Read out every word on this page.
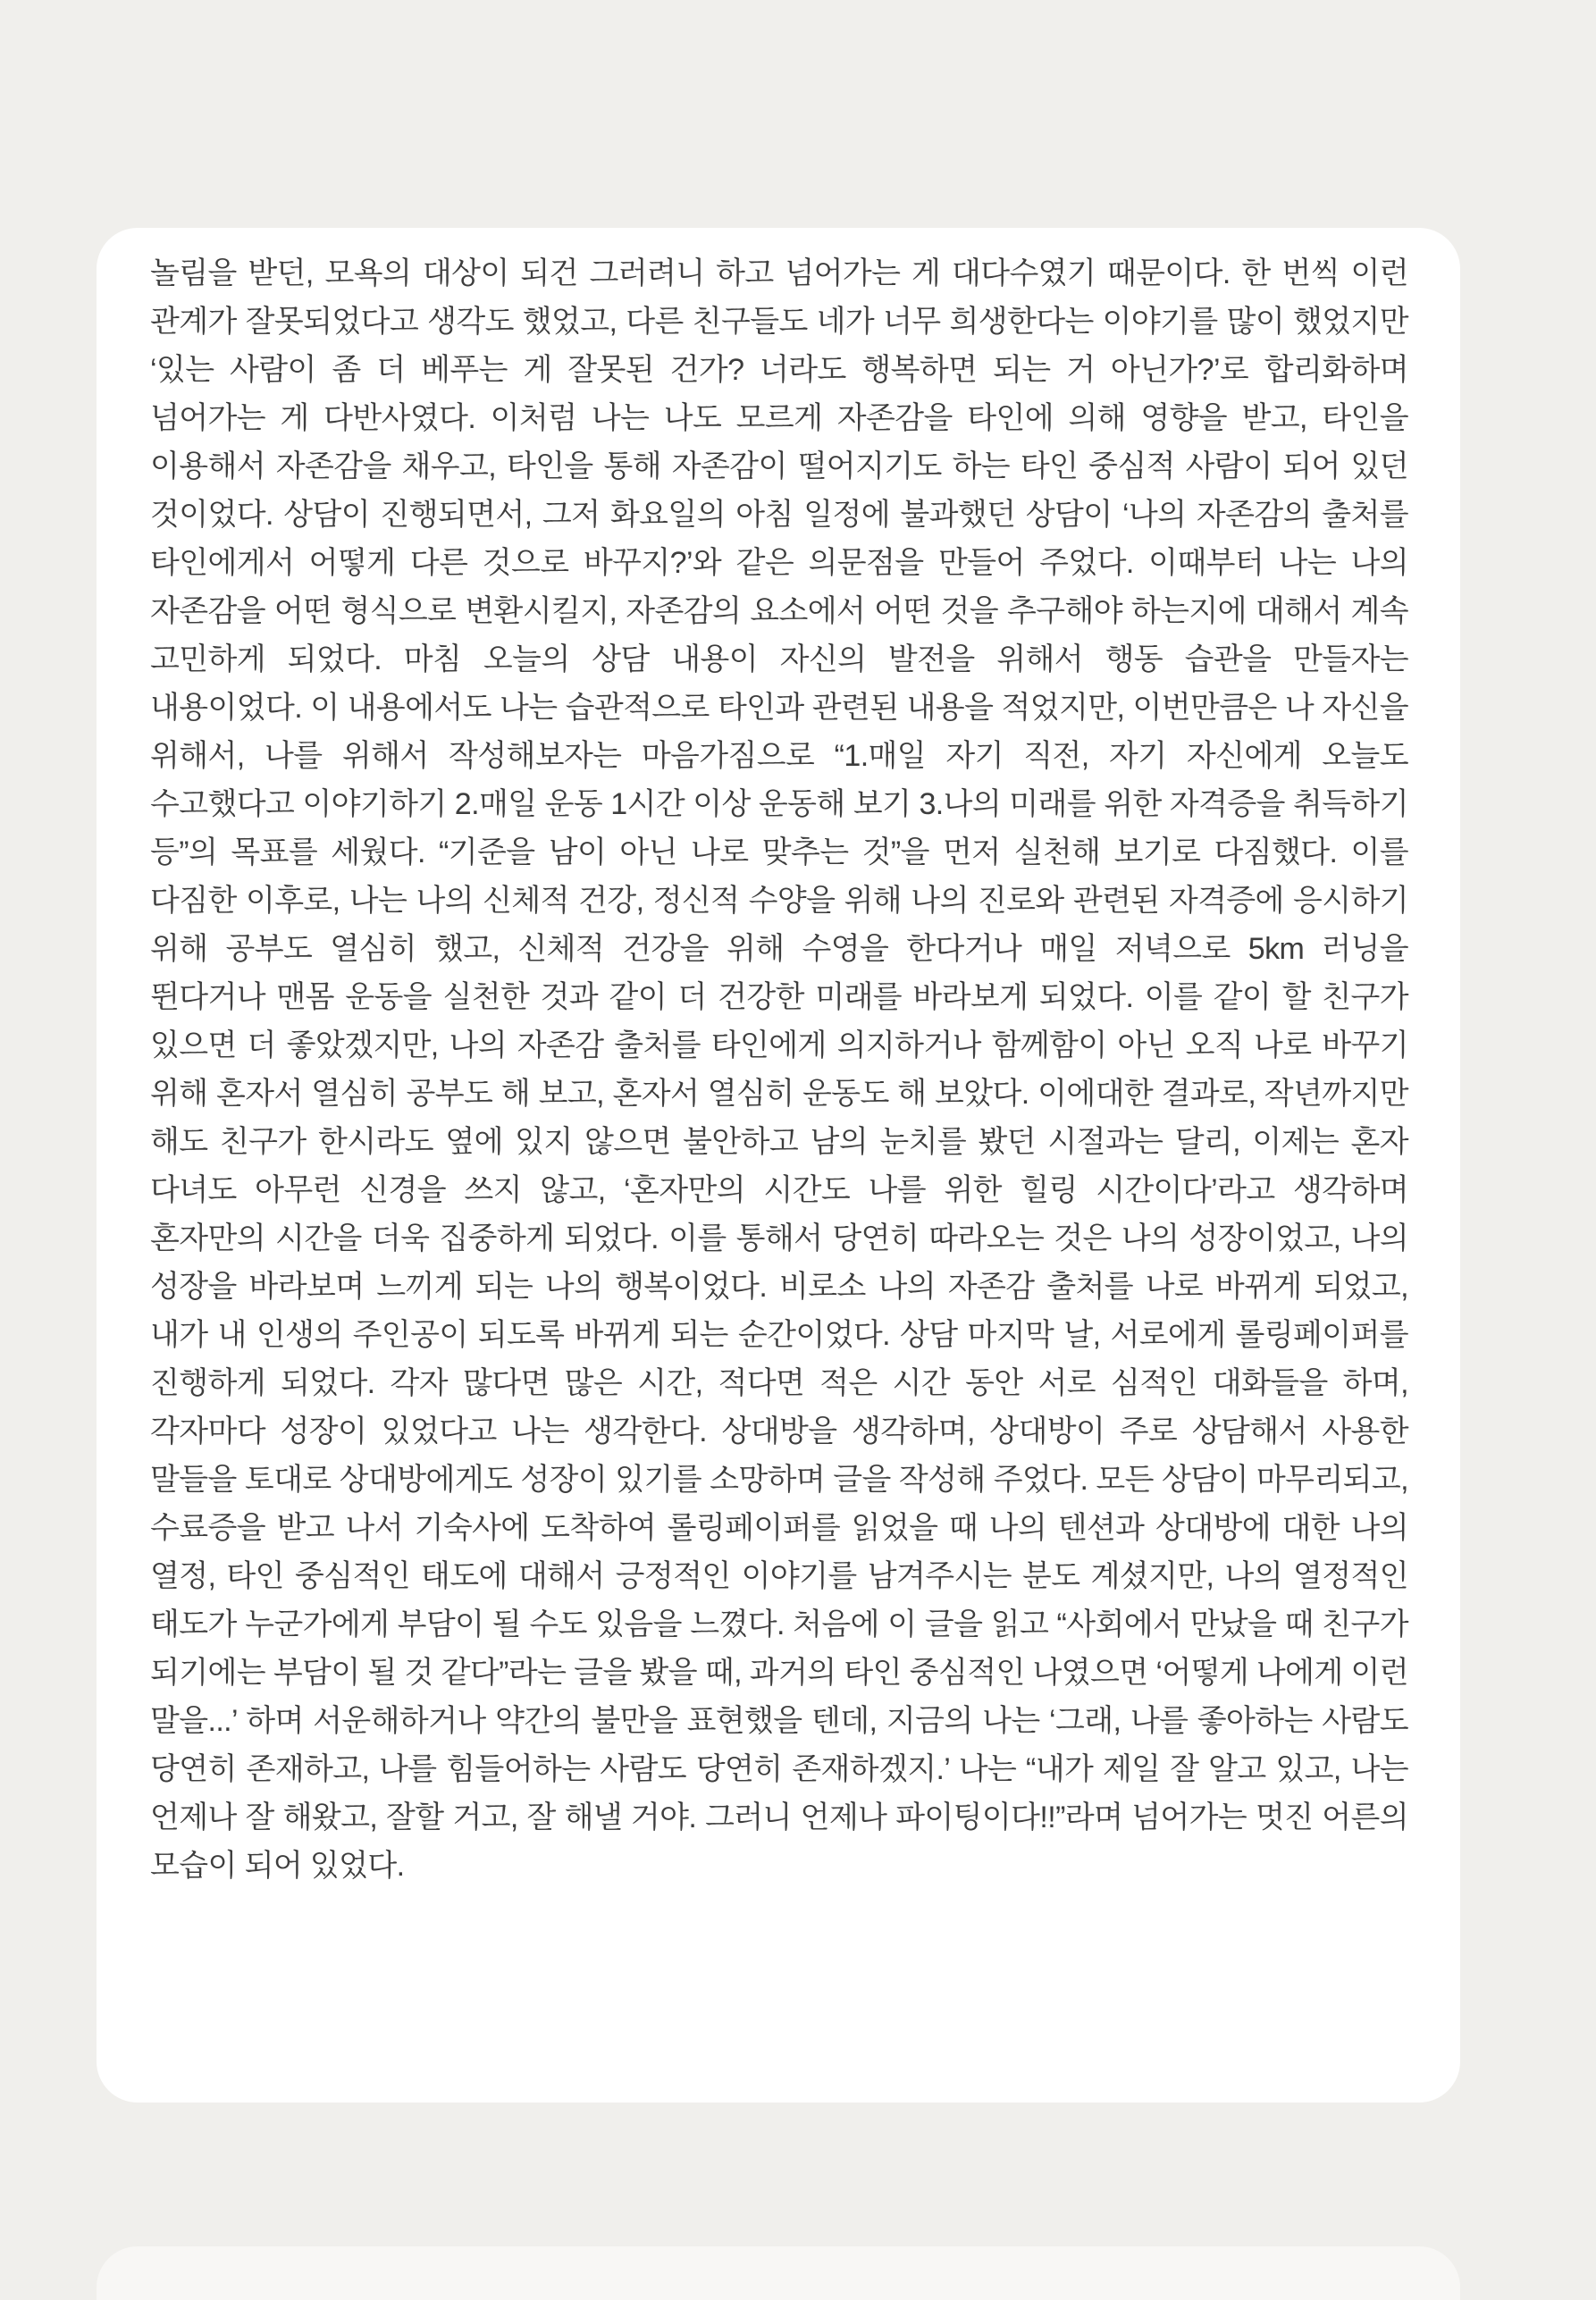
놀림을 받던, 모욕의 대상이 되건 그러려니 하고 넘어가는 게 대다수였기 때문이다. 한 번씩 이런 관계가 잘못되었다고 생각도 했었고, 다른 친구들도 네가 너무 희생한다는 이야기를 많이 했었지만 ‘있는 사람이 좀 더 베푸는 게 잘못된 건가? 너라도 행복하면 되는 거 아닌가?’로 합리화하며 넘어가는 게 다반사였다. 이처럼 나는 나도 모르게 자존감을 타인에 의해 영향을 받고, 타인을 이용해서 자존감을 채우고, 타인을 통해 자존감이 떨어지기도 하는 타인 중심적 사람이 되어 있던 것이었다. 상담이 진행되면서, 그저 화요일의 아침 일정에 불과했던 상담이 ‘나의 자존감의 출처를 타인에게서 어떻게 다른 것으로 바꾸지?’와 같은 의문점을 만들어 주었다. 이때부터 나는 나의 자존감을 어떤 형식으로 변환시킬지, 자존감의 요소에서 어떤 것을 추구해야 하는지에 대해서 계속 고민하게 되었다. 마침 오늘의 상담 내용이 자신의 발전을 위해서 행동 습관을 만들자는 내용이었다. 이 내용에서도 나는 습관적으로 타인과 관련된 내용을 적었지만, 이번만큼은 나 자신을 위해서, 나를 위해서 작성해보자는 마음가짐으로 “1.매일 자기 직전, 자기 자신에게 오늘도 수고했다고 이야기하기 2.매일 운동 1시간 이상 운동해 보기 3.나의 미래를 위한 자격증을 취득하기 등”의 목표를 세웠다. “기준을 남이 아닌 나로 맞추는 것”을 먼저 실천해 보기로 다짐했다. 이를 다짐한 이후로, 나는 나의 신체적 건강, 정신적 수양을 위해 나의 진로와 관련된 자격증에 응시하기 위해 공부도 열심히 했고, 신체적 건강을 위해 수영을 한다거나 매일 저녁으로 5km 러닝을 뛴다거나 맨몸 운동을 실천한 것과 같이 더 건강한 미래를 바라보게 되었다. 이를 같이 할 친구가 있으면 더 좋았겠지만, 나의 자존감 출처를 타인에게 의지하거나 함께함이 아닌 오직 나로 바꾸기 위해 혼자서 열심히 공부도 해 보고, 혼자서 열심히 운동도 해 보았다. 이에대한 결과로, 작년까지만 해도 친구가 한시라도 옆에 있지 않으면 불안하고 남의 눈치를 봤던 시절과는 달리, 이제는 혼자 다녀도 아무런 신경을 쓰지 않고, ‘혼자만의 시간도 나를 위한 힐링 시간이다’라고 생각하며 혼자만의 시간을 더욱 집중하게 되었다. 이를 통해서 당연히 따라오는 것은 나의 성장이었고, 나의 성장을 바라보며 느끼게 되는 나의 행복이었다. 비로소 나의 자존감 출처를 나로 바뀌게 되었고, 내가 내 인생의 주인공이 되도록 바뀌게 되는 순간이었다. 상담 마지막 날, 서로에게 롤링페이퍼를 진행하게 되었다. 각자 많다면 많은 시간, 적다면 적은 시간 동안 서로 심적인 대화들을 하며, 각자마다 성장이 있었다고 나는 생각한다. 상대방을 생각하며, 상대방이 주로 상담해서 사용한 말들을 토대로 상대방에게도 성장이 있기를 소망하며 글을 작성해 주었다. 모든 상담이 마무리되고, 수료증을 받고 나서 기숙사에 도착하여 롤링페이퍼를 읽었을 때 나의 텐션과 상대방에 대한 나의 열정, 타인 중심적인 태도에 대해서 긍정적인 이야기를 남겨주시는 분도 계셨지만, 나의 열정적인 태도가 누군가에게 부담이 될 수도 있음을 느꼈다. 처음에 이 글을 읽고 “사회에서 만났을 때 친구가 되기에는 부담이 될 것 같다”라는 글을 봤을 때, 과거의 타인 중심적인 나였으면 ‘어떻게 나에게 이런 말을...’ 하며 서운해하거나 약간의 불만을 표현했을 텐데, 지금의 나는 ‘그래, 나를 좋아하는 사람도 당연히 존재하고, 나를 힘들어하는 사람도 당연히 존재하겠지.’ 나는 “내가 제일 잘 알고 있고, 나는 언제나 잘 해왔고, 잘할 거고, 잘 해낼 거야. 그러니 언제나 파이팅이다!!”라며 넘어가는 멋진 어른의 모습이 되어 있었다.
